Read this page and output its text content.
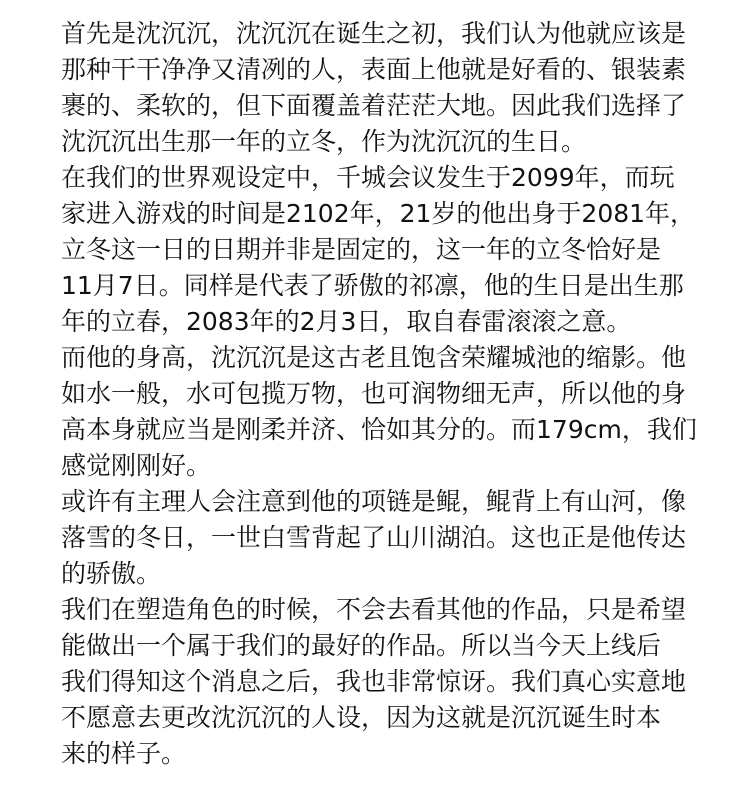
首先是沈沉沉，沈沉沉在诞生之初，我们认为他就应该是
那种干干净净又清冽的人，表面上他就是好看的、银装素
裹的、柔软的，但下面覆盖着茫茫大地。因此我们选择了
沈沉沉出生那一年的立冬，作为沈沉沉的生日。
在我们的世界观设定中，千城会议发生于2099年，而玩
家进入游戏的时间是2102年，21岁的他出身于2081年，
立冬这一日的日期并非是固定的，这一年的立冬恰好是
11月7日。同样是代表了骄傲的祁凛，他的生日是出生那
年的立春，2083年的2月3日，取自春雷滚滚之意。
而他的身高，沈沉沉是这古老且饱含荣耀城池的缩影。他
如水一般，水可包揽万物，也可润物细无声，所以他的身
高本身就应当是刚柔并济、恰如其分的。而179cm，我们
感觉刚刚好。
或许有主理人会注意到他的项链是鲲，鲲背上有山河，像
落雪的冬日，一世白雪背起了山川湖泊。这也正是他传达
的骄傲。
我们在塑造角色的时候，不会去看其他的作品，只是希望
能做出一个属于我们的最好的作品。所以当今天上线后
我们得知这个消息之后，我也非常惊讶。我们真心实意地
不愿意去更改沈沉沉的人设，因为这就是沉沉诞生时本
来的样子。
